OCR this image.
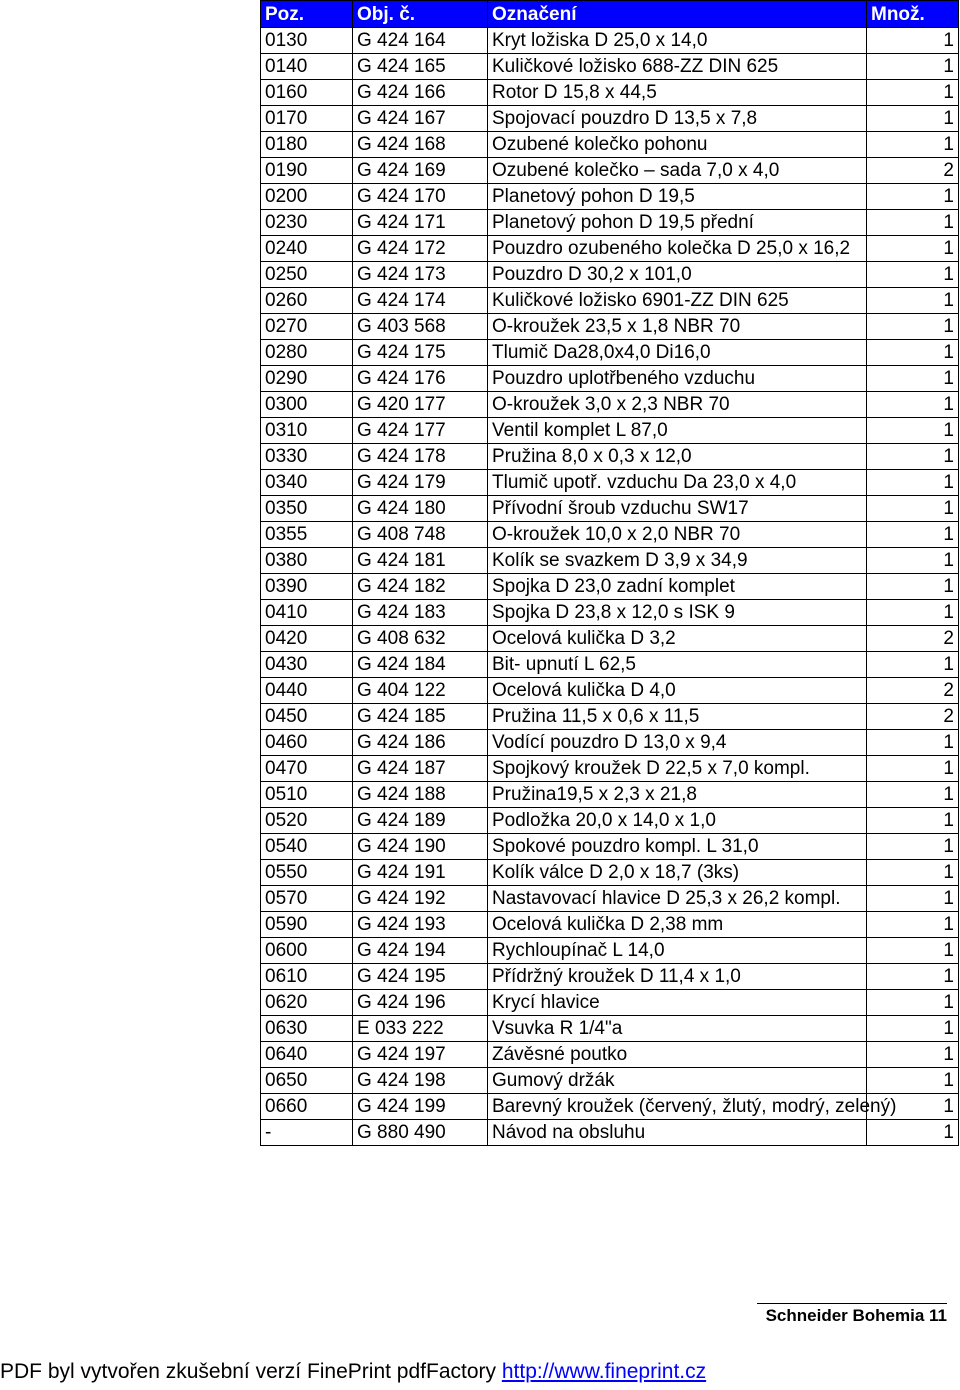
Poz.	Obj. č.	Označení	Množ.
0130	G 424 164	Kryt ložiska D 25,0 x 14,0	1
0140	G 424 165	Kuličkové ložisko 688-ZZ DIN 625	1
0160	G 424 166	Rotor D 15,8 x 44,5	1
0170	G 424 167	Spojovací pouzdro D 13,5 x 7,8	1
0180	G 424 168	Ozubené kolečko pohonu	1
0190	G 424 169	Ozubené kolečko – sada 7,0 x 4,0	2
0200	G 424 170	Planetový pohon D 19,5	1
0230	G 424 171	Planetový pohon D 19,5 přední	1
0240	G 424 172	Pouzdro ozubeného kolečka D 25,0 x 16,2	1
0250	G 424 173	Pouzdro D 30,2 x 101,0	1
0260	G 424 174	Kuličkové ložisko 6901-ZZ DIN 625	1
0270	G 403 568	O-kroužek 23,5 x 1,8 NBR 70	1
0280	G 424 175	Tlumič Da28,0x4,0 Di16,0	1
0290	G 424 176	Pouzdro uplotřbeného vzduchu	1
0300	G 420 177	O-kroužek 3,0 x 2,3 NBR 70	1
0310	G 424 177	Ventil komplet L 87,0	1
0330	G 424 178	Pružina 8,0 x 0,3 x 12,0	1
0340	G 424 179	Tlumič upotř. vzduchu Da 23,0 x 4,0	1
0350	G 424 180	Přívodní šroub vzduchu SW17	1
0355	G 408 748	O-kroužek 10,0 x 2,0 NBR 70	1
0380	G 424 181	Kolík se svazkem D 3,9 x 34,9	1
0390	G 424 182	Spojka D 23,0 zadní komplet	1
0410	G 424 183	Spojka D 23,8 x 12,0 s ISK 9	1
0420	G 408 632	Ocelová kulička D 3,2	2
0430	G 424 184	Bit- upnutí L 62,5	1
0440	G 404 122	Ocelová kulička D 4,0	2
0450	G 424 185	Pružina 11,5 x 0,6 x 11,5	2
0460	G 424 186	Vodící pouzdro D 13,0 x 9,4	1
0470	G 424 187	Spojkový kroužek D 22,5 x 7,0 kompl.	1
0510	G 424 188	Pružina19,5 x 2,3 x 21,8	1
0520	G 424 189	Podložka 20,0 x 14,0 x 1,0	1
0540	G 424 190	Spokové pouzdro kompl. L 31,0	1
0550	G 424 191	Kolík válce D 2,0 x 18,7 (3ks)	1
0570	G 424 192	Nastavovací hlavice D 25,3 x 26,2 kompl.	1
0590	G 424 193	Ocelová kulička D 2,38 mm	1
0600	G 424 194	Rychloupínač L 14,0	1
0610	G 424 195	Přídržný kroužek D 11,4 x 1,0	1
0620	G 424 196	Krycí hlavice	1
0630	E 033 222	Vsuvka R 1/4"a	1
0640	G 424 197	Závěsné poutko	1
0650	G 424 198	Gumový držák	1
0660	G 424 199	Barevný kroužek (červený, žlutý, modrý, zelený)	1
-	G 880 490	Návod na obsluhu	1
Schneider Bohemia 11
PDF byl vytvořen zkušební verzí FinePrint pdfFactory http://www.fineprint.cz
